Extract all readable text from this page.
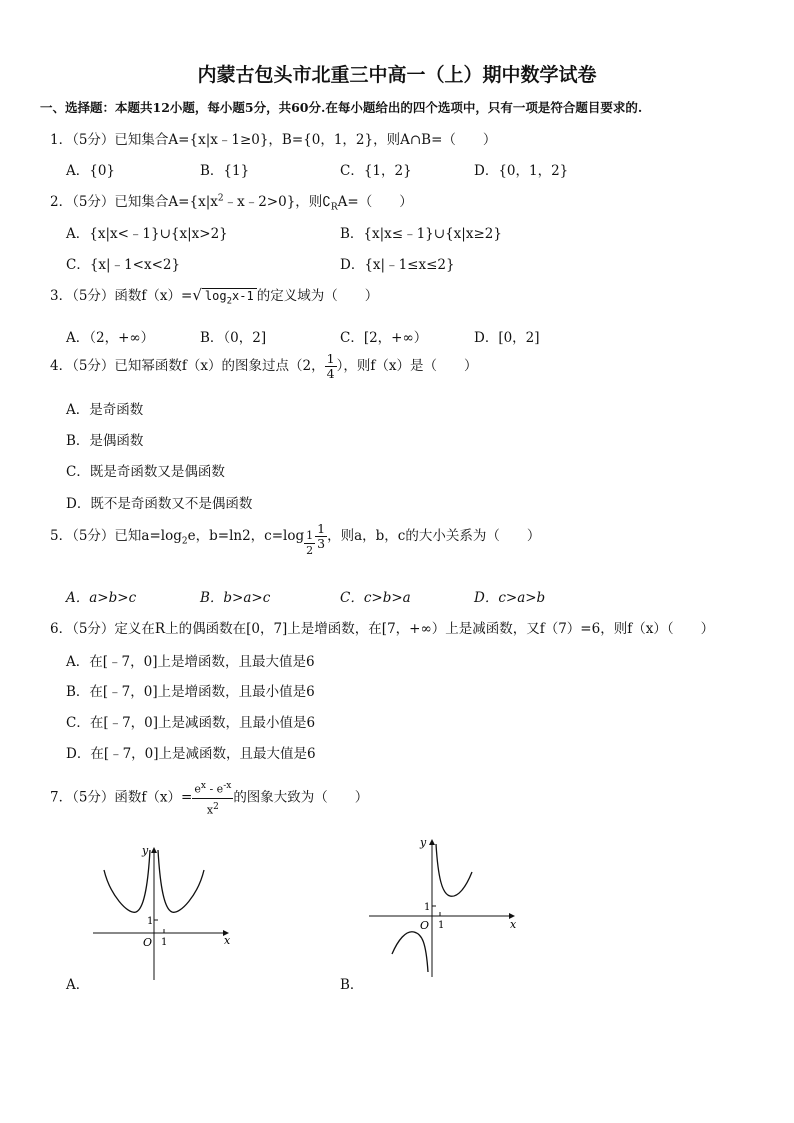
内蒙古包头市北重三中高一（上）期中数学试卷
一、选择题：本题共12小题，每小题5分，共60分.在每小题给出的四个选项中，只有一项是符合题目要求的.
1．（5分）已知集合A={x|x﹣1≥0}，B={0，1，2}，则A∩B=（　　）
A．{0}	B．{1}	C．{1，2}	D．{0，1，2}
2．（5分）已知集合$A=\{x|x^2﹣x﹣2>0\}$，则$∁_RA=$（　　）
A．{x|x<﹣1}∪{x|x>2}	B．{x|x≤﹣1}∪{x|x≥2}
C．{x|﹣1<x<2}	D．{x|﹣1≤x≤2}
3．（5分）函数f（x）=√ $\log_2x-1$ 的定义域为（　　）
A．（2，+∞）	B．（0，2]	C．[2，+∞）	D．[0，2]
4．（5分）已知幂函数f（x）的图象过点（2， $\frac{1}{4}$ ），则f（x）是（　　）
A．是奇函数
B．是偶函数
C．既是奇函数又是偶函数
D．既不是奇函数又不是偶函数
5．（5分）已知$a=\log_2e$，b=ln2，$c=\log \frac{1}{2} \frac{1}{3}$ ，则a，b，c的大小关系为（　　）
A．a>b>c	B．b>a>c	C．c>b>a	D．c>a>b
6．（5分）定义在R上的偶函数在[0，7]上是增函数，在[7，+∞）上是减函数，又f（7）=6，则f（x）（　　）
A．在[﹣7，0]上是增函数，且最大值是6
B．在[﹣7，0]上是增函数，且最小值是6
C．在[﹣7，0]上是减函数，且最小值是6
D．在[﹣7，0]上是减函数，且最大值是6
7．（5分）函数$f(x)= \frac{e^x - e^{-x}}{x^2}$ 的图象大致为（　　）
y
x
O
1
1
A．
y
x
O
1
1
B．
